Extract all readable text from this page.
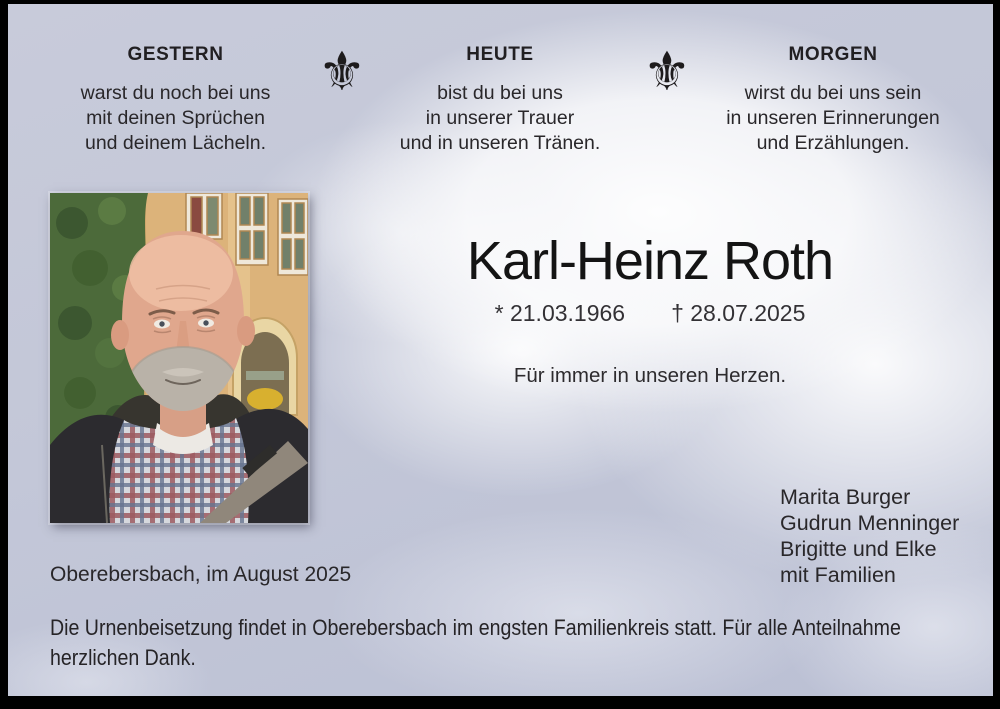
GESTERN
warst du noch bei uns
mit deinen Sprüchen
und deinem Lächeln.
⚜	HEUTE
bist du bei uns
in unserer Trauer
und in unseren Tränen.
⚜	MORGEN
wirst du bei uns sein
in unseren Erinnerungen
und Erzählungen.
Karl-Heinz Roth
* 21.03.1966 † 28.07.2025
Für immer in unseren Herzen.
Marita Burger
Gudrun Menninger
Brigitte und Elke
mit Familien
Oberebersbach, im August 2025
Die Urnenbeisetzung findet in Oberebersbach im engsten Familienkreis statt. Für alle Anteilnahme
herzlichen Dank.
